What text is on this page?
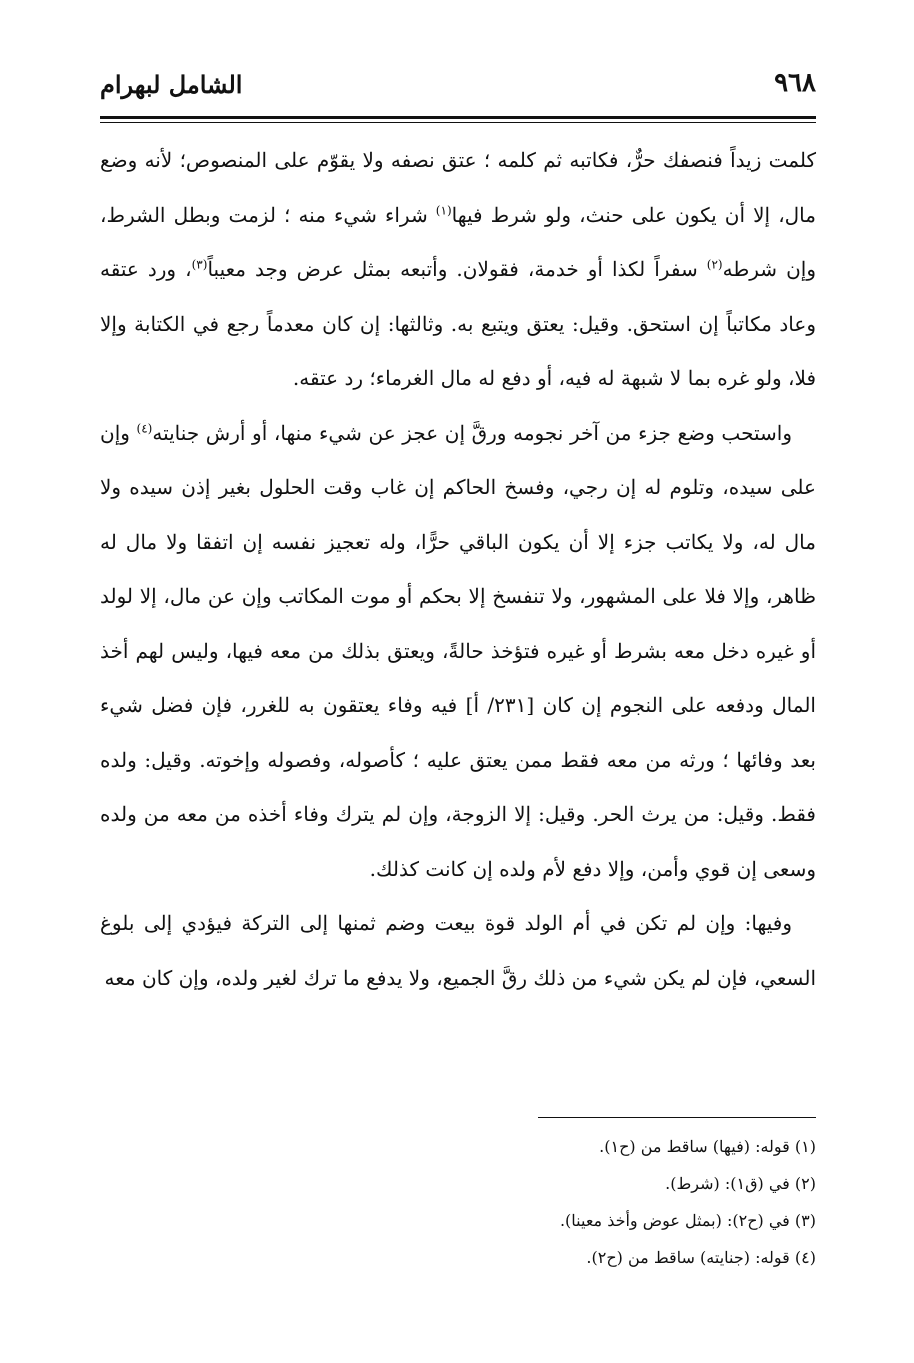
٩٦٨
الشامل لبهرام

كلمت زيداً فنصفك حرٌّ، فكاتبه ثم كلمه ؛ عتق نصفه ولا يقوّم على المنصوص؛ لأنه وضع مال، إلا أن يكون على حنث، ولو شرط فيها$^{(١)}$ شراء شيء منه ؛ لزمت وبطل الشرط، وإن شرطه$^{(٢)}$ سفراً لكذا أو خدمة، فقولان. وأتبعه بمثل عرض وجد معيباً$^{(٣)}$، ورد عتقه وعاد مكاتباً إن استحق. وقيل: يعتق ويتبع به. وثالثها: إن كان معدماً رجع في الكتابة وإلا فلا، ولو غره بما لا شبهة له فيه، أو دفع له مال الغرماء؛ رد عتقه.

واستحب وضع جزء من آخر نجومه ورقَّ إن عجز عن شيء منها، أو أرش جنايته$^{(٤)}$ وإن على سيده، وتلوم له إن رجي، وفسخ الحاكم إن غاب وقت الحلول بغير إذن سيده ولا مال له، ولا يكاتب جزء إلا أن يكون الباقي حرًّا، وله تعجيز نفسه إن اتفقا ولا مال له ظاهر، وإلا فلا على المشهور، ولا تنفسخ إلا بحكم أو موت المكاتب وإن عن مال، إلا لولد أو غيره دخل معه بشرط أو غيره فتؤخذ حالةً، ويعتق بذلك من معه فيها، وليس لهم أخذ المال ودفعه على النجوم إن كان [٢٣١/ أ] فيه وفاء يعتقون به للغرر، فإن فضل شيء بعد وفائها ؛ ورثه من معه فقط ممن يعتق عليه ؛ كأصوله، وفصوله وإخوته. وقيل: ولده فقط. وقيل: من يرث الحر. وقيل: إلا الزوجة، وإن لم يترك وفاء أخذه من معه من ولده وسعى إن قوي وأمن، وإلا دفع لأم ولده إن كانت كذلك.

وفيها: وإن لم تكن في أم الولد قوة بيعت وضم ثمنها إلى التركة فيؤدي إلى بلوغ السعي، فإن لم يكن شيء من ذلك رقَّ الجميع، ولا يدفع ما ترك لغير ولده، وإن كان معه

(١) قوله: (فيها) ساقط من (ح١).
(٢) في (ق١): (شرط).
(٣) في (ح٢): (بمثل عوض وأخذ معينا).
(٤) قوله: (جنايته) ساقط من (ح٢).
